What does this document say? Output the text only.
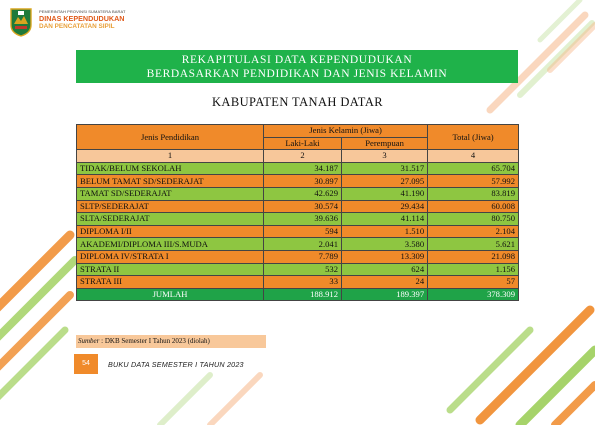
PEMERINTAH PROVINSI SUMATERA BARAT
DINAS KEPENDUDUKAN
DAN PENCATATAN SIPIL
REKAPITULASI DATA KEPENDUDUKAN
BERDASARKAN PENDIDIKAN DAN JENIS KELAMIN
KABUPATEN TANAH DATAR
Jenis Pendidikan	Jenis Kelamin (Jiwa)		Total (Jiwa)
	Laki-Laki	Perempuan	
1	2	3	4
TIDAK/BELUM SEKOLAH	34.187	31.517	65.704
BELUM TAMAT SD/SEDERAJAT	30.897	27.095	57.992
TAMAT SD/SEDERAJAT	42.629	41.190	83.819
SLTP/SEDERAJAT	30.574	29.434	60.008
SLTA/SEDERAJAT	39.636	41.114	80.750
DIPLOMA I/II	594	1.510	2.104
AKADEMI/DIPLOMA III/S.MUDA	2.041	3.580	5.621
DIPLOMA IV/STRATA I	7.789	13.309	21.098
STRATA II	532	624	1.156
STRATA III	33	24	57
JUMLAH	188.912	189.397	378.309
Sumber : DKB Semester I Tahun 2023 (diolah)
54	BUKU DATA SEMESTER I TAHUN 2023
